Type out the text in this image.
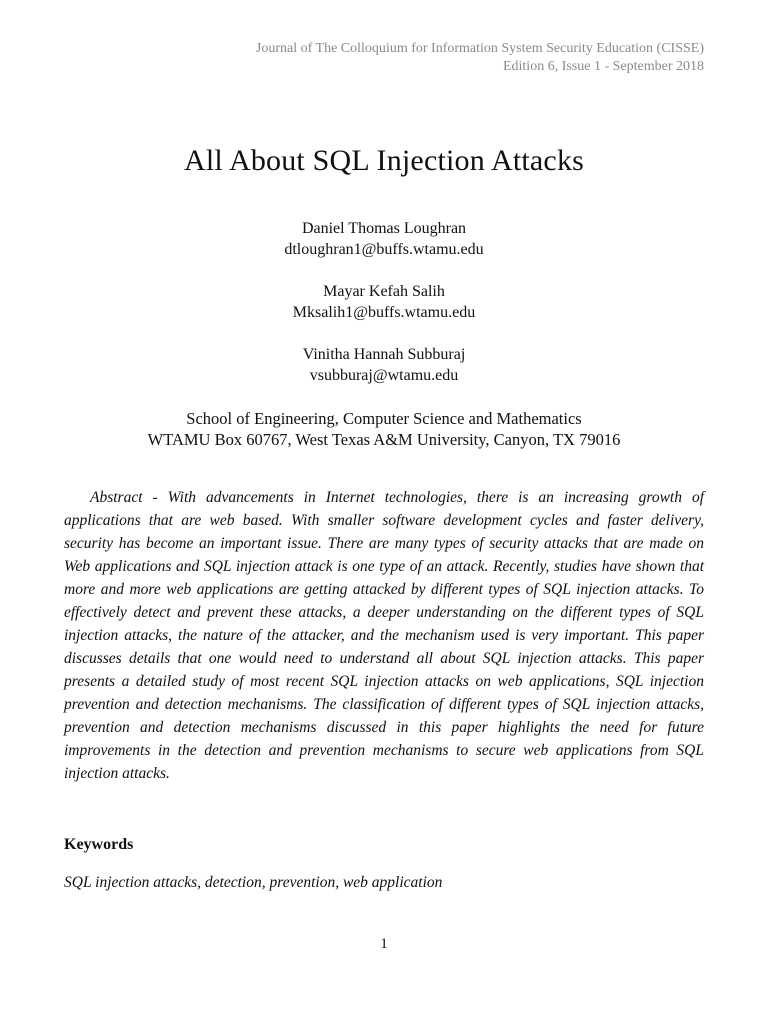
Journal of The Colloquium for Information System Security Education (CISSE)
Edition 6, Issue 1 - September 2018
All About SQL Injection Attacks
Daniel Thomas Loughran
dtloughran1@buffs.wtamu.edu
Mayar Kefah Salih
Mksalih1@buffs.wtamu.edu
Vinitha Hannah Subburaj
vsubburaj@wtamu.edu
School of Engineering, Computer Science and Mathematics
WTAMU Box 60767, West Texas A&M University, Canyon, TX 79016

Abstract - With advancements in Internet technologies, there is an increasing growth of applications that are web based. With smaller software development cycles and faster delivery, security has become an important issue. There are many types of security attacks that are made on Web applications and SQL injection attack is one type of an attack. Recently, studies have shown that more and more web applications are getting attacked by different types of SQL injection attacks. To effectively detect and prevent these attacks, a deeper understanding on the different types of SQL injection attacks, the nature of the attacker, and the mechanism used is very important. This paper discusses details that one would need to understand all about SQL injection attacks. This paper presents a detailed study of most recent SQL injection attacks on web applications, SQL injection prevention and detection mechanisms. The classification of different types of SQL injection attacks, prevention and detection mechanisms discussed in this paper highlights the need for future improvements in the detection and prevention mechanisms to secure web applications from SQL injection attacks.

Keywords

SQL injection attacks, detection, prevention, web application

1
